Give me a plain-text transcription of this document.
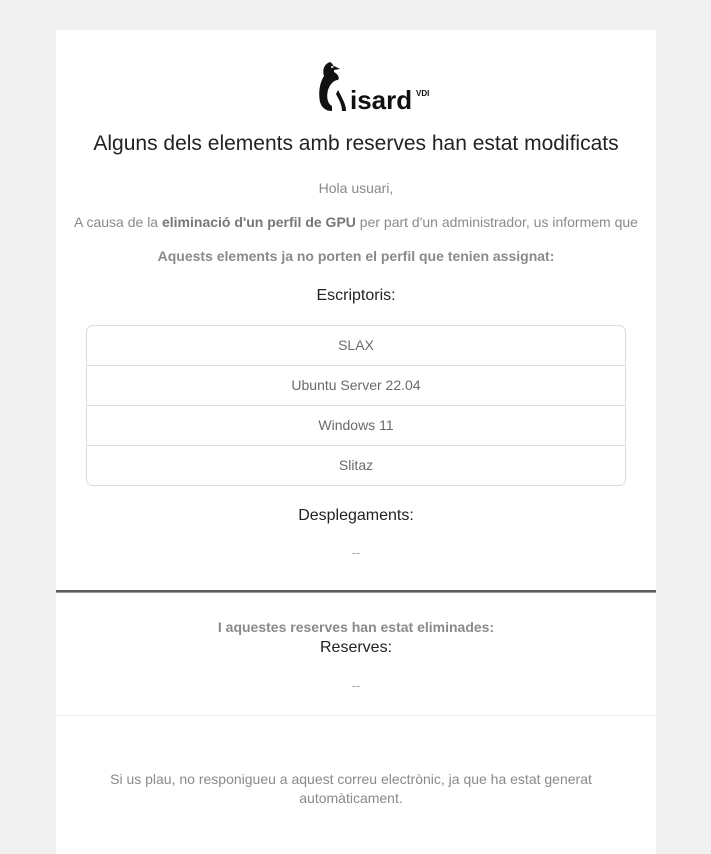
isard VDI
Alguns dels elements amb reserves han estat modificats
Hola usuari,
A causa de la eliminació d'un perfil de GPU per part d'un administrador, us informem que
Aquests elements ja no porten el perfil que tenien assignat:
Escriptoris:
SLAX
Ubuntu Server 22.04
Windows 11
Slitaz
Desplegaments:
--
I aquestes reserves han estat eliminades:
Reserves:
--
Si us plau, no responigueu a aquest correu electrònic, ja que ha estat generat automàticament.
